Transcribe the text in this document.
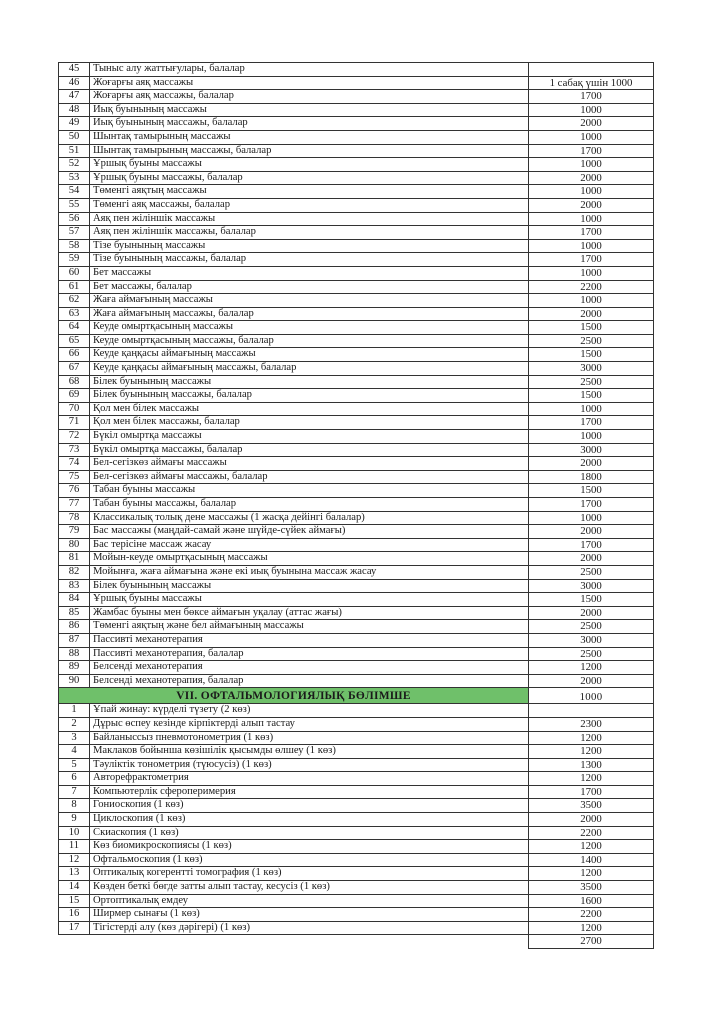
45	Тыныс алу жаттығулары, балалар	
46	Жоғарғы аяқ массажы	1 сабақ үшін 1000
47	Жоғарғы аяқ массажы, балалар	1700
48	Иық буынының массажы	1000
49	Иық буынының массажы, балалар	2000
50	Шынтақ тамырының массажы	1000
51	Шынтақ тамырының массажы, балалар	1700
52	Ұршық буыны массажы	1000
53	Ұршық буыны массажы, балалар	2000
54	Төменгі аяқтың массажы	1000
55	Төменгі аяқ массажы, балалар	2000
56	Аяқ пен жіліншік массажы	1000
57	Аяқ пен жіліншік массажы, балалар	1700
58	Тізе буынының массажы	1000
59	Тізе буынының массажы, балалар	1700
60	Бет массажы	1000
61	Бет массажы, балалар	2200
62	Жаға аймағының массажы	1000
63	Жаға аймағының массажы, балалар	2000
64	Кеуде омыртқасының массажы	1500
65	Кеуде омыртқасының массажы, балалар	2500
66	Кеуде қаңқасы аймағының массажы	1500
67	Кеуде қаңқасы аймағының массажы, балалар	3000
68	Білек буынының массажы	2500
69	Білек буынының массажы, балалар	1500
70	Қол мен білек массажы	1000
71	Қол мен білек массажы, балалар	1700
72	Бүкіл омыртқа массажы	1000
73	Бүкіл омыртқа массажы, балалар	3000
74	Бел-сегізкөз аймағы массажы	2000
75	Бел-сегізкөз аймағы массажы, балалар	1800
76	Табан буыны массажы	1500
77	Табан буыны массажы, балалар	1700
78	Классикалық толық дене массажы (1 жасқа дейінгі балалар)	1000
79	Бас массажы (маңдай-самай және шүйде-сүйек аймағы)	2000
80	Бас терісіне массаж жасау	1700
81	Мойын-кеуде омыртқасының массажы	2000
82	Мойынға, жаға аймағына және екі иық буынына массаж жасау	2500
83	Білек буынының массажы	3000
84	Ұршық буыны массажы	1500
85	Жамбас буыны мен бөксе аймағын уқалау (аттас жағы)	2000
86	Төменгі аяқтың және бел аймағының массажы	2500
87	Пассивті механотерапия	3000
88	Пассивті механотерапия, балалар	2500
89	Белсенді механотерапия	1200
90	Белсенді механотерапия, балалар	2000
VII. ОФТАЛЬМОЛОГИЯЛЫҚ БӨЛІМШЕ		1000
1	Ұпай жинау: күрделі түзету (2 көз)	
2	Дұрыс өспеу кезінде кірпіктерді алып тастау	2300
3	Байланыссыз пневмотонометрия (1 көз)	1200
4	Маклаков бойынша көзішілік қысымды өлшеу (1 көз)	1200
5	Тәуліктік тонометрия (түюсусіз) (1 көз)	1300
6	Авторефрактометрия	1200
7	Компьютерлік сфероперимерия	1700
8	Гониоскопия (1 көз)	3500
9	Циклоскопия (1 көз)	2000
10	Скиаскопия (1 көз)	2200
11	Көз биомикроскопиясы (1 көз)	1200
12	Офтальмоскопия (1 көз)	1400
13	Оптикалық когерентті томография (1 көз)	1200
14	Көзден беткі бөгде затты алып тастау, кесусіз (1 көз)	3500
15	Ортоптикалық емдеу	1600
16	Ширмер сынағы (1 көз)	2200
17	Тігістерді алу (көз дәрігері) (1 көз)	1200
		2700
